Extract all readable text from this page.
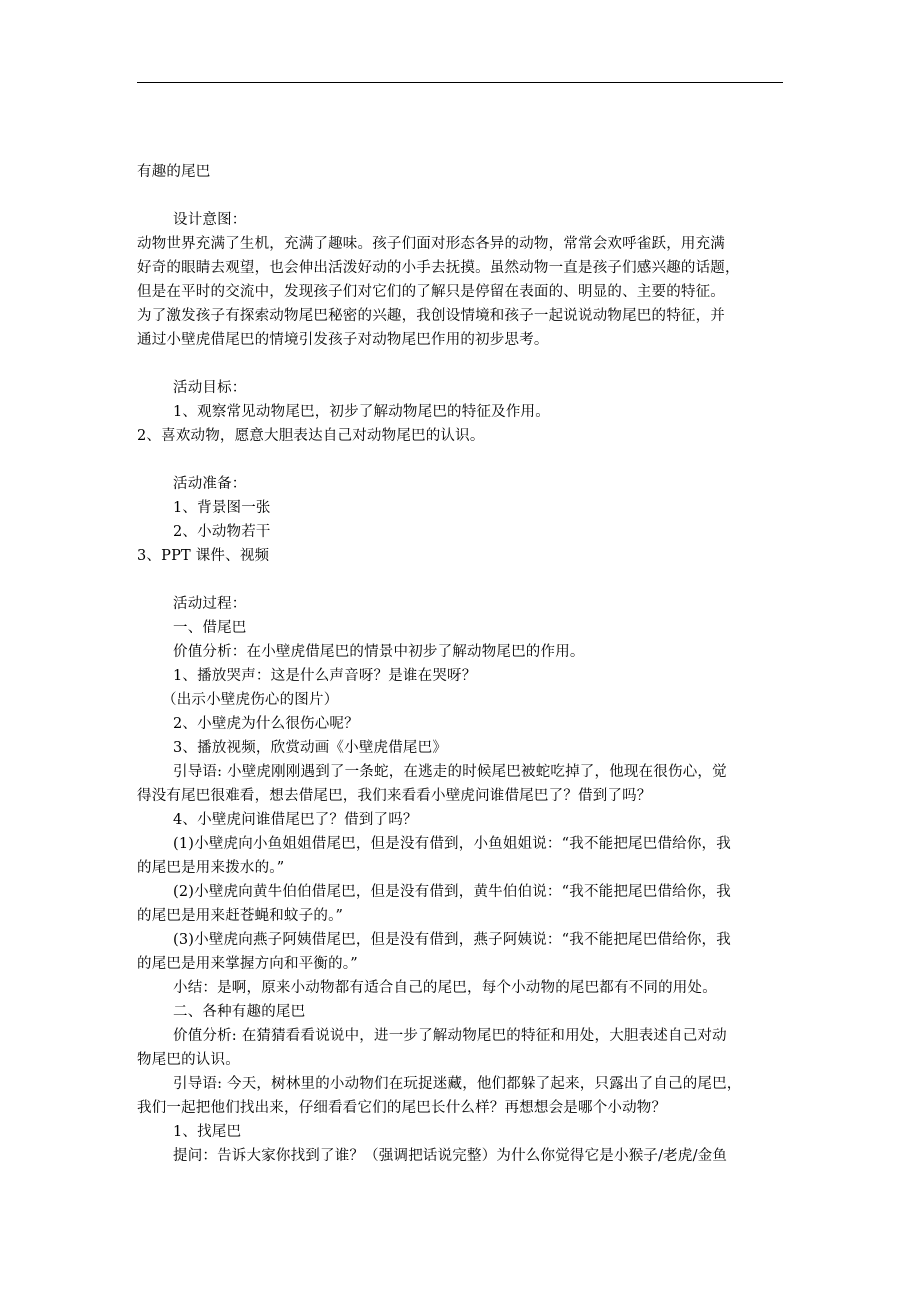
有趣的尾巴
设计意图：
动物世界充满了生机，充满了趣味。孩子们面对形态各异的动物，常常会欢呼雀跃，用充满
好奇的眼睛去观望，也会伸出活泼好动的小手去抚摸。虽然动物一直是孩子们感兴趣的话题，
但是在平时的交流中，发现孩子们对它们的了解只是停留在表面的、明显的、主要的特征。
为了激发孩子有探索动物尾巴秘密的兴趣，我创设情境和孩子一起说说动物尾巴的特征，并
通过小壁虎借尾巴的情境引发孩子对动物尾巴作用的初步思考。
活动目标：
1、观察常见动物尾巴，初步了解动物尾巴的特征及作用。
2、喜欢动物，愿意大胆表达自己对动物尾巴的认识。
活动准备：
1、背景图一张
2、小动物若干
3、PPT 课件、视频
活动过程：
一、借尾巴
价值分析：在小壁虎借尾巴的情景中初步了解动物尾巴的作用。
1、播放哭声：这是什么声音呀？是谁在哭呀？
（出示小壁虎伤心的图片）
2、小壁虎为什么很伤心呢？
3、播放视频，欣赏动画《小壁虎借尾巴》
引导语: 小壁虎刚刚遇到了一条蛇，在逃走的时候尾巴被蛇吃掉了，他现在很伤心，觉
得没有尾巴很难看，想去借尾巴，我们来看看小壁虎问谁借尾巴了？借到了吗？
4、小壁虎问谁借尾巴了？借到了吗？
(1)小壁虎向小鱼姐姐借尾巴，但是没有借到，小鱼姐姐说：“我不能把尾巴借给你，我
的尾巴是用来拨水的。”
(2)小壁虎向黄牛伯伯借尾巴，但是没有借到，黄牛伯伯说：“我不能把尾巴借给你，我
的尾巴是用来赶苍蝇和蚊子的。”
(3)小壁虎向燕子阿姨借尾巴，但是没有借到，燕子阿姨说：“我不能把尾巴借给你，我
的尾巴是用来掌握方向和平衡的。”
小结：是啊，原来小动物都有适合自己的尾巴，每个小动物的尾巴都有不同的用处。
二、各种有趣的尾巴
价值分析: 在猜猜看看说说中，进一步了解动物尾巴的特征和用处，大胆表述自己对动
物尾巴的认识。
引导语: 今天，树林里的小动物们在玩捉迷藏，他们都躲了起来，只露出了自己的尾巴，
我们一起把他们找出来，仔细看看它们的尾巴长什么样？再想想会是哪个小动物？
1、找尾巴
提问：告诉大家你找到了谁？（强调把话说完整）为什么你觉得它是小猴子/老虎/金鱼
